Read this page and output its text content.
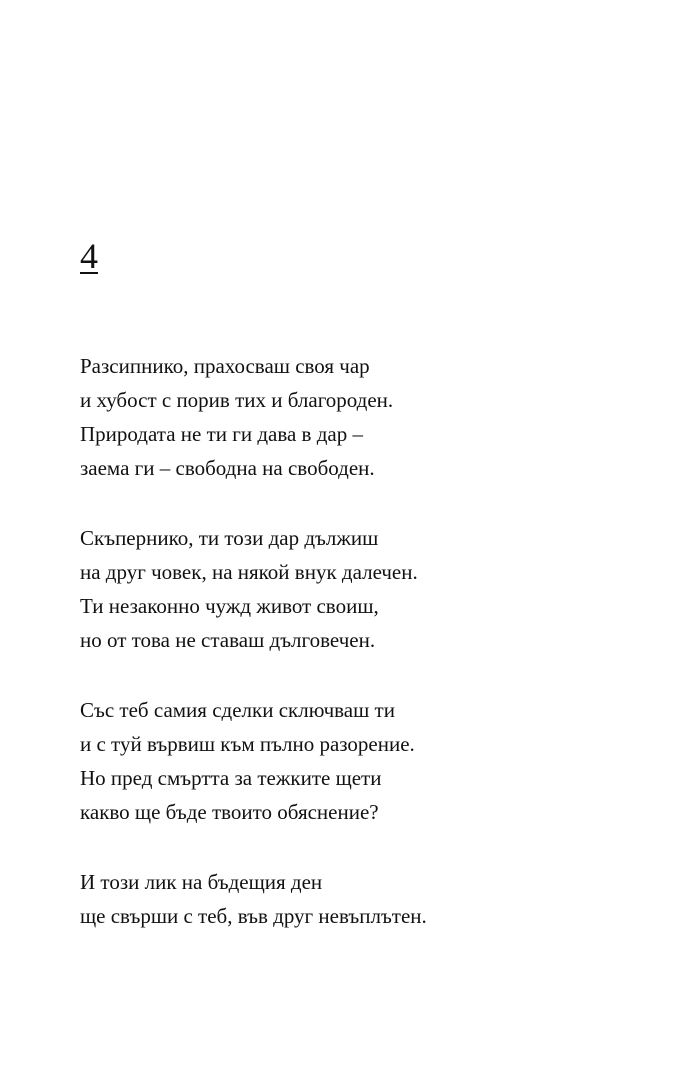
4
Разсипнико, прахосваш своя чар
и хубост с порив тих и благороден.
Природата не ти ги дава в дар –
заема ги – свободна на свободен.
Скъпернико, ти този дар дължиш
на друг човек, на някой внук далечен.
Ти незаконно чужд живот своиш,
но от това не ставаш дълговечен.
Със теб самия сделки сключваш ти
и с туй вървиш към пълно разорение.
Но пред смъртта за тежките щети
какво ще бъде твоито обяснение?
И този лик на бъдещия ден
ще свърши с теб, във друг невъплътен.
